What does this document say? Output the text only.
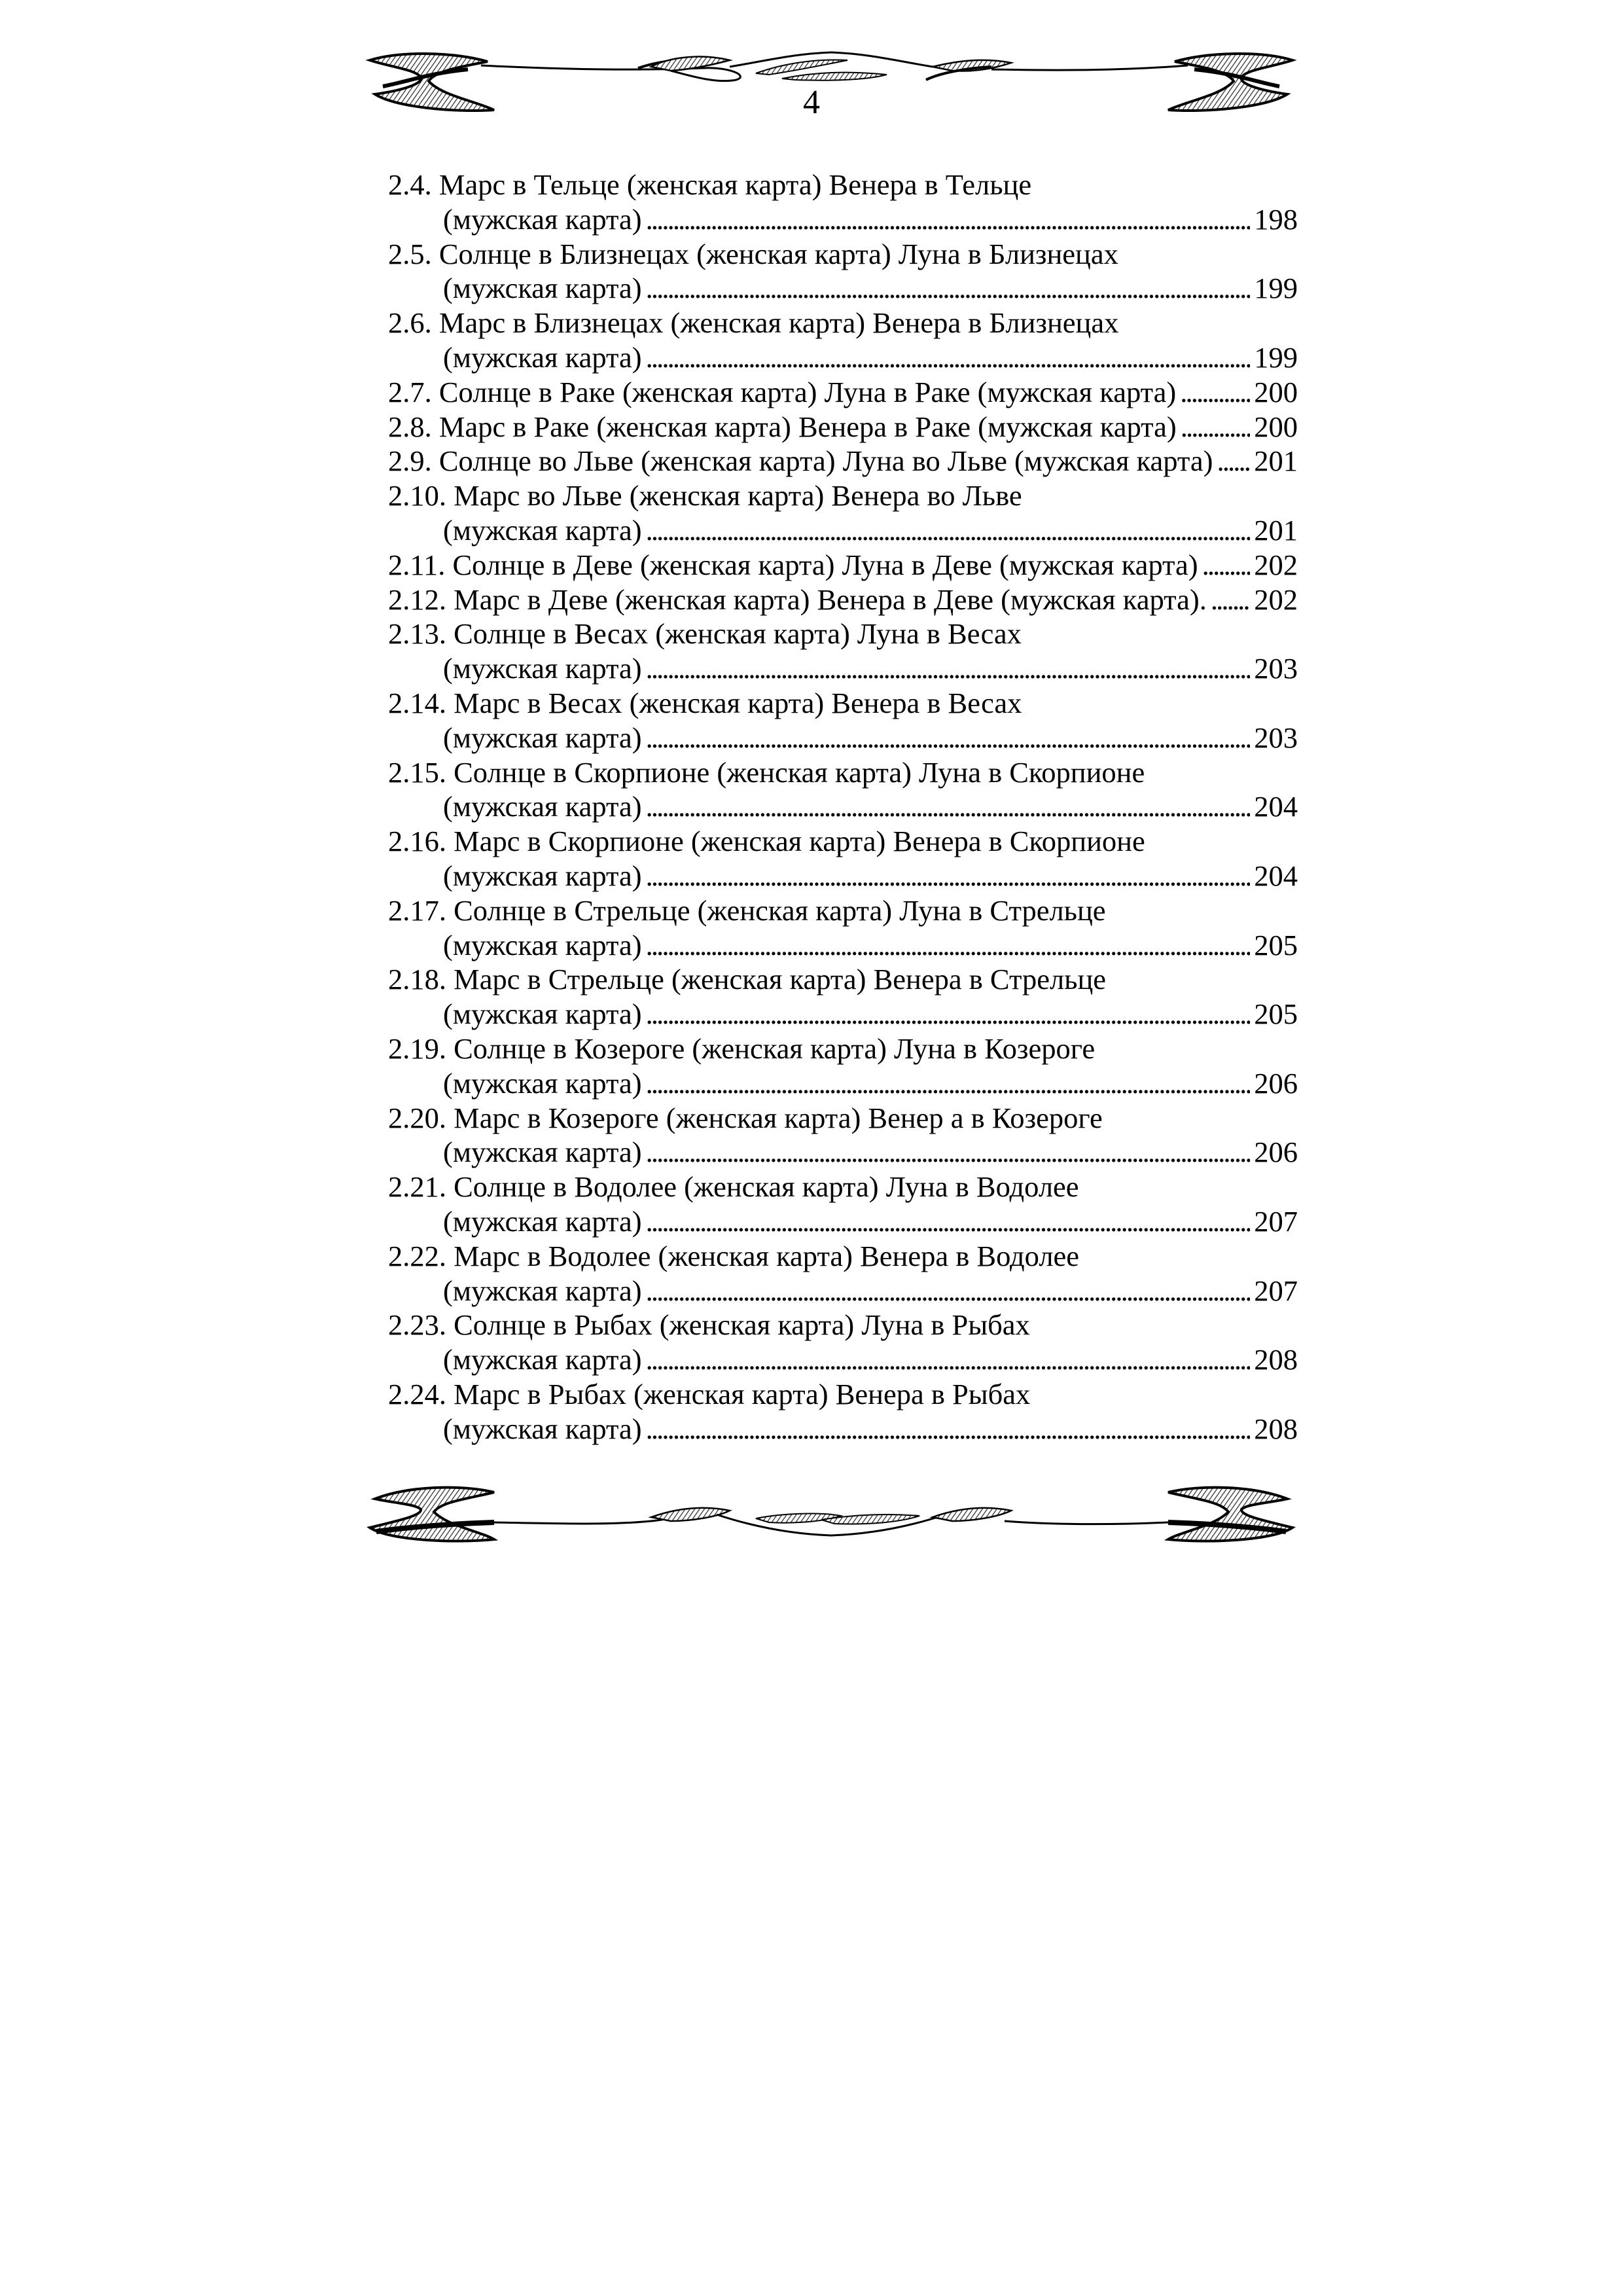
4
2.4. Марс в Тельце (женская карта) Венера в Тельце
(мужская карта) . . .	198
2.5. Солнце в Близнецах (женская карта) Луна в Близнецах
(мужская карта) . . .	199
2.6. Марс в Близнецах (женская карта) Венера в Близнецах
(мужская карта) . . .	199
2.7. Солнце в Раке (женская карта) Луна в Раке (мужская карта) . . .	200
2.8. Марс в Раке (женская карта) Венера в Раке (мужская карта) . . .	200
2.9. Солнце во Льве (женская карта) Луна во Льве (мужская карта) . . . 201
2.10. Марс во Льве (женская карта) Венера во Льве
(мужская карта) . . .	201
2.11. Солнце в Деве (женская карта) Луна в Деве (мужская карта) . . . 202
2.12. Марс в Деве (женская карта) Венера в Деве (мужская карта). . . . 202
2.13. Солнце в Весах (женская карта) Луна в Весах
(мужская карта) . . .	203
2.14. Марс в Весах (женская карта) Венера в Весах
(мужская карта) . . .	203
2.15. Солнце в Скорпионе (женская карта) Луна в Скорпионе
(мужская карта) . . .	204
2.16. Марс в Скорпионе (женская карта) Венера в Скорпионе
(мужская карта) . . .	204
2.17. Солнце в Стрельце (женская карта) Луна в Стрельце
(мужская карта) . . .	205
2.18. Марс в Стрельце (женская карта) Венера в Стрельце
(мужская карта) . . .	205
2.19. Солнце в Козероге (женская карта) Луна в Козероге
(мужская карта) . . .	206
2.20. Марс в Козероге (женская карта) Венер а в Козероге
(мужская карта) . . .	206
2.21. Солнце в Водолее (женская карта) Луна в Водолее
(мужская карта) . . .	207
2.22. Марс в Водолее (женская карта) Венера в Водолее
(мужская карта) . . .	207
2.23. Солнце в Рыбах (женская карта) Луна в Рыбах
(мужская карта) . . .	208
2.24. Марс в Рыбах (женская карта) Венера в Рыбах
(мужская карта) . . .	208
